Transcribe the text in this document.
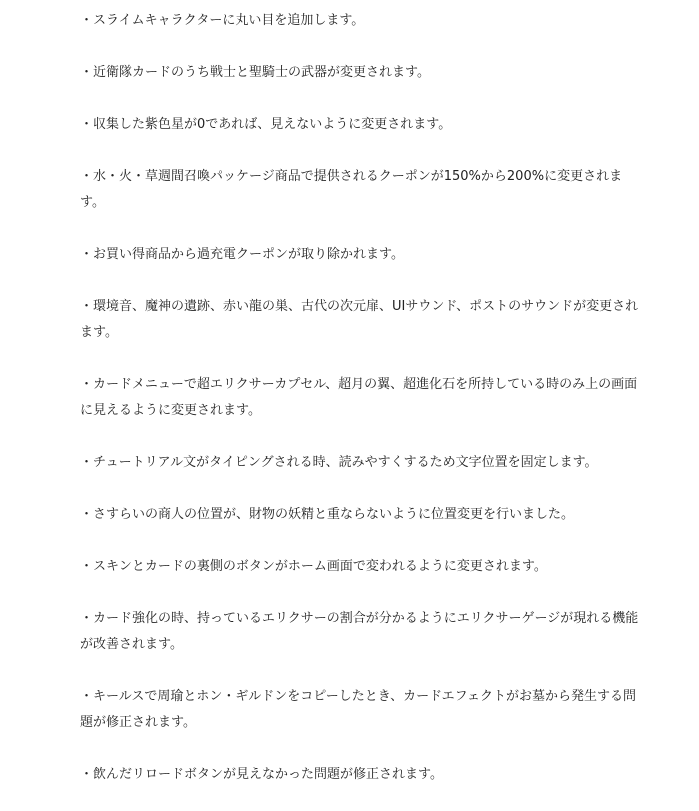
・スライムキャラクターに丸い目を追加します。

・近衛隊カードのうち戦士と聖騎士の武器が変更されます。

・収集した紫色星が0であれば、見えないように変更されます。

・水・火・草週間召喚パッケージ商品で提供されるクーポンが150%から200%に変更されます。

・お買い得商品から過充電クーポンが取り除かれます。

・環境音、魔神の遺跡、赤い龍の巣、古代の次元扉、UIサウンド、ポストのサウンドが変更されます。

・カードメニューで超エリクサーカプセル、超月の翼、超進化石を所持している時のみ上の画面に見えるように変更されます。

・チュートリアル文がタイピングされる時、読みやすくするため文字位置を固定します。

・さすらいの商人の位置が、財物の妖精と重ならないように位置変更を行いました。

・スキンとカードの裏側のボタンがホーム画面で変われるように変更されます。

・カード強化の時、持っているエリクサーの割合が分かるようにエリクサーゲージが現れる機能が改善されます。

・キールスで周瑜とホン・ギルドンをコピーしたとき、カードエフェクトがお墓から発生する問題が修正されます。

・飲んだリロードボタンが見えなかった問題が修正されます。
